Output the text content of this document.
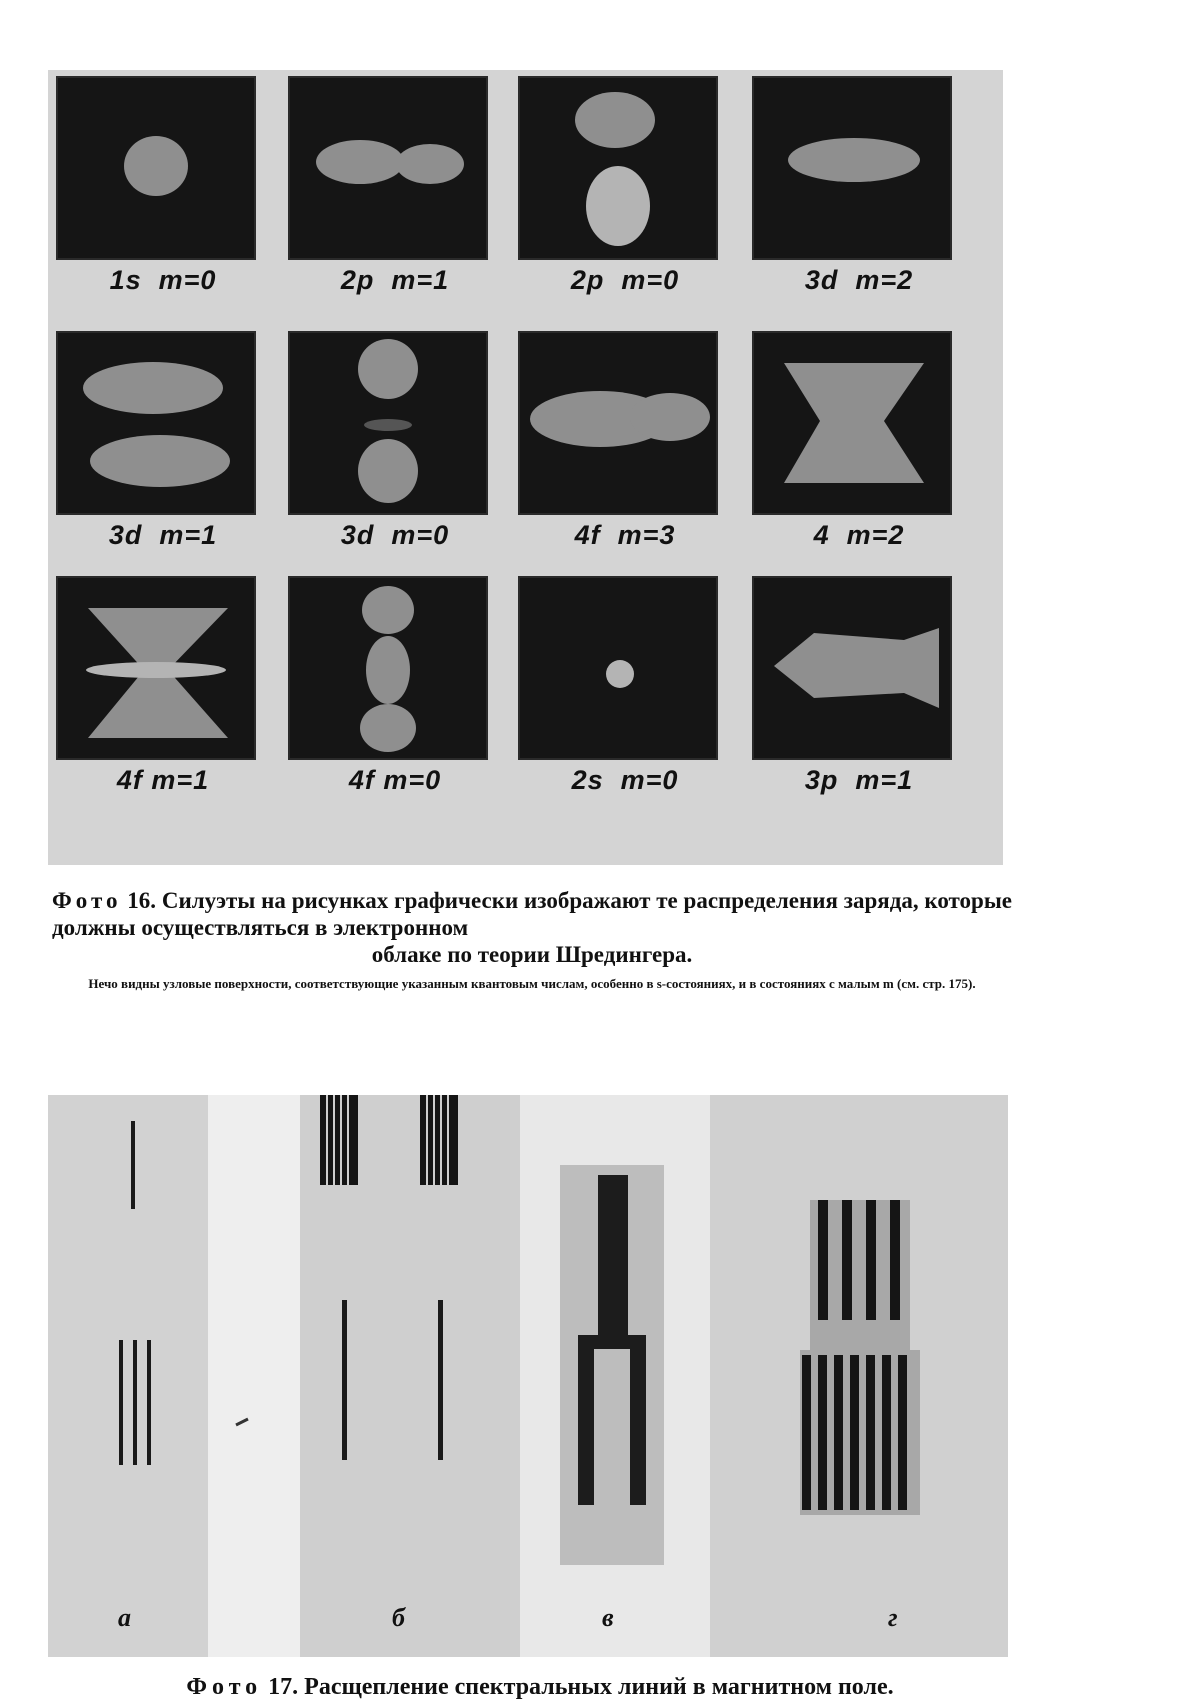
1s  m=0	2p  m=1	2p  m=0	3d  m=2
3d  m=1	3d  m=0	4f  m=3	4  m=2
4f m=1	4f m=0	2s  m=0	3p  m=1
Фото 16. Силуэты на рисунках графически изображают те распределения заряда, которые должны осуществляться в электронном
облаке по теории Шредингера.
Нечо видны узловые поверхности, соответствующие указанным квантовым числам, особенно в s-состояниях, и в состояниях с малым m (см. стр. 175).
а	б	в	г
Фото 17. Расщепление спектральных линий в магнитном поле.
